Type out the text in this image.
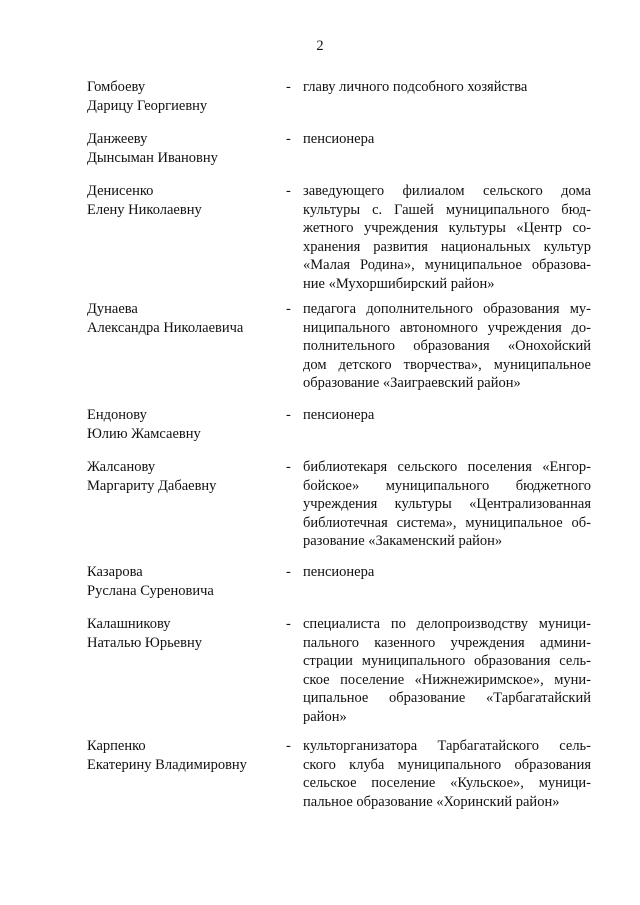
2
Гомбоеву
Дарицу Георгиевну
- главу личного подсобного хозяйства
Данжееву
Дынсыман Ивановну
- пенсионера
Денисенко
Елену Николаевну
- заведующего филиалом сельского дома
культуры с. Гашей муниципального бюд-
жетного учреждения культуры «Центр со-
хранения развития национальных культур
«Малая Родина», муниципальное образова-
ние «Мухоршибирский район»
Дунаева
Александра Николаевича
- педагога дополнительного образования му-
ниципального автономного учреждения до-
полнительного образования «Онохойский
дом детского творчества», муниципальное
образование «Заиграевский район»
Ендонову
Юлию Жамсаевну
- пенсионера
Жалсанову
Маргариту Дабаевну
- библиотекаря сельского поселения «Енгор-
бойское» муниципального бюджетного
учреждения культуры «Централизованная
библиотечная система», муниципальное об-
разование «Закаменский район»
Казарова
Руслана Суреновича
- пенсионера
Калашникову
Наталью Юрьевну
- специалиста по делопроизводству муници-
пального казенного учреждения админи-
страции муниципального образования сель-
ское поселение «Нижнежиримское», муни-
ципальное образование «Тарбагатайский
район»
Карпенко
Екатерину Владимировну
- культорганизатора Тарбагатайского сель-
ского клуба муниципального образования
сельское поселение «Кульское», муници-
пальное образование «Хоринский район»
